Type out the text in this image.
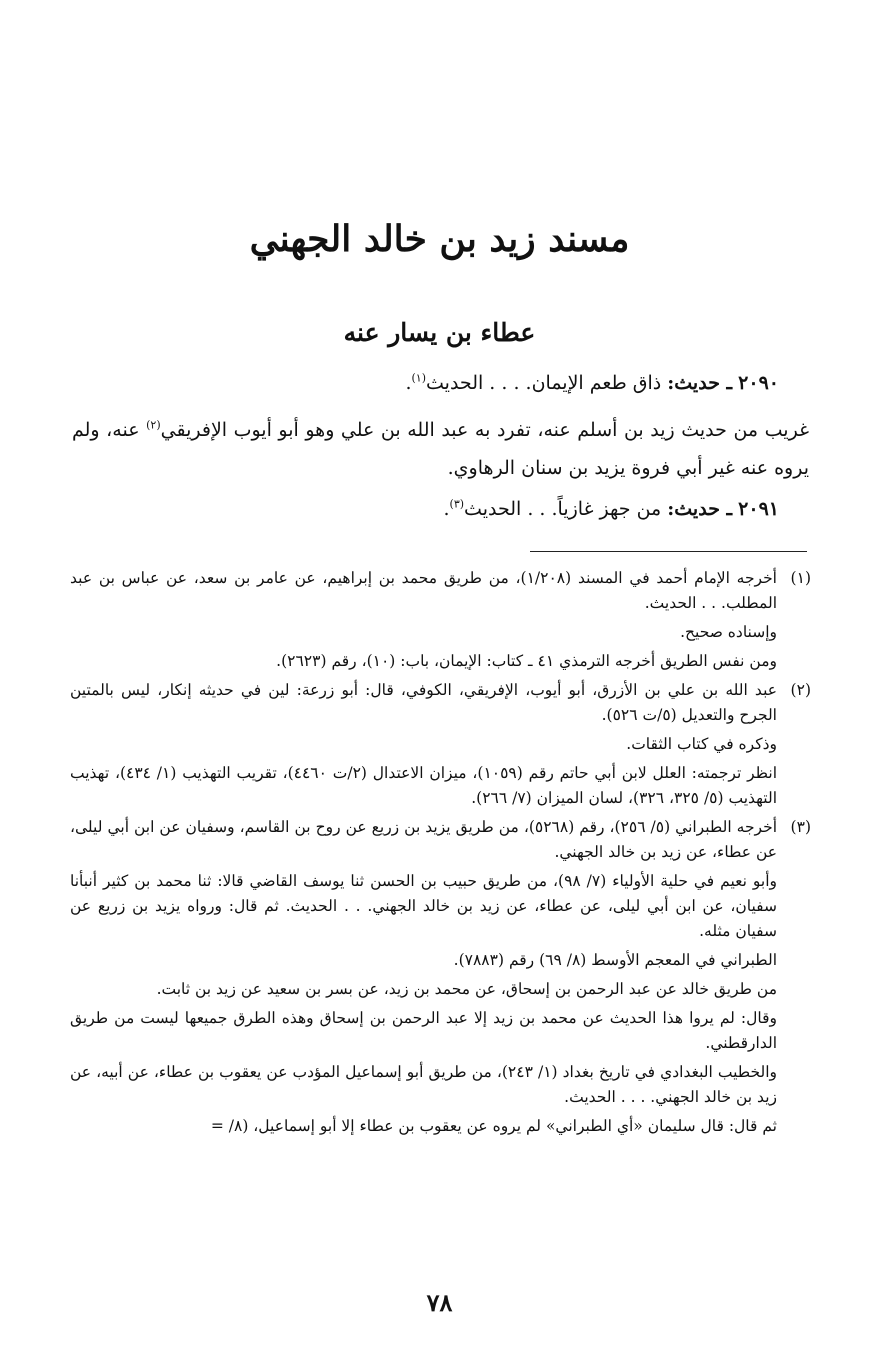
مسند زيد بن خالد الجهني
عطاء بن يسار عنه
٢٠٩٠ ـ حديث: ذاق طعم الإيمان. . . . الحديث$^{(١)}$.
غريب من حديث زيد بن أسلم عنه، تفرد به عبد الله بن علي وهو أبو أيوب الإفريقي$^{(٢)}$ عنه، ولم يروه عنه غير أبي فروة يزيد بن سنان الرهاوي.
٢٠٩١ ـ حديث: من جهز غازياً. . . الحديث$^{(٣)}$.
(١)

أخرجه الإمام أحمد في المسند (١/٢٠٨)، من طريق محمد بن إبراهيم، عن عامر بن سعد، عن عباس بن عبد المطلب. . . الحديث.

وإسناده صحيح.

ومن نفس الطريق أخرجه الترمذي ٤١ ـ كتاب: الإيمان، باب: (١٠)، رقم (٢٦٢٣).

(٢)

عبد الله بن علي بن الأزرق، أبو أيوب، الإفريقي، الكوفي، قال: أبو زرعة: لين في حديثه إنكار، ليس بالمتين الجرح والتعديل (٥/ت ٥٢٦).

وذكره في كتاب الثقات.

انظر ترجمته: العلل لابن أبي حاتم رقم (١٠٥٩)، ميزان الاعتدال (٢/ت ٤٤٦٠)، تقريب التهذيب (١/ ٤٣٤)، تهذيب التهذيب (٥/ ٣٢٥، ٣٢٦)، لسان الميزان (٧/ ٢٦٦).

(٣)

أخرجه الطبراني (٥/ ٢٥٦)، رقم (٥٢٦٨)، من طريق يزيد بن زريع عن روح بن القاسم، وسفيان عن ابن أبي ليلى، عن عطاء، عن زيد بن خالد الجهني.

وأبو نعيم في حلية الأولياء (٧/ ٩٨)، من طريق حبيب بن الحسن ثنا يوسف القاضي قالا: ثنا محمد بن كثير أنبأنا سفيان، عن ابن أبي ليلى، عن عطاء، عن زيد بن خالد الجهني. . . الحديث. ثم قال: ورواه يزيد بن زريع عن سفيان مثله.

الطبراني في المعجم الأوسط (٨/ ٦٩) رقم (٧٨٨٣).

من طريق خالد عن عبد الرحمن بن إسحاق، عن محمد بن زيد، عن بسر بن سعيد عن زيد بن ثابت.

وقال: لم يروا هذا الحديث عن محمد بن زيد إلا عبد الرحمن بن إسحاق وهذه الطرق جميعها ليست من طريق الدارقطني.

والخطيب البغدادي في تاريخ بغداد (١/ ٢٤٣)، من طريق أبو إسماعيل المؤدب عن يعقوب بن عطاء، عن أبيه، عن زيد بن خالد الجهني. . . . الحديث.

ثم قال: قال سليمان «أي الطبراني» لم يروه عن يعقوب بن عطاء إلا أبو إسماعيل، (٨/ =

٧٨
